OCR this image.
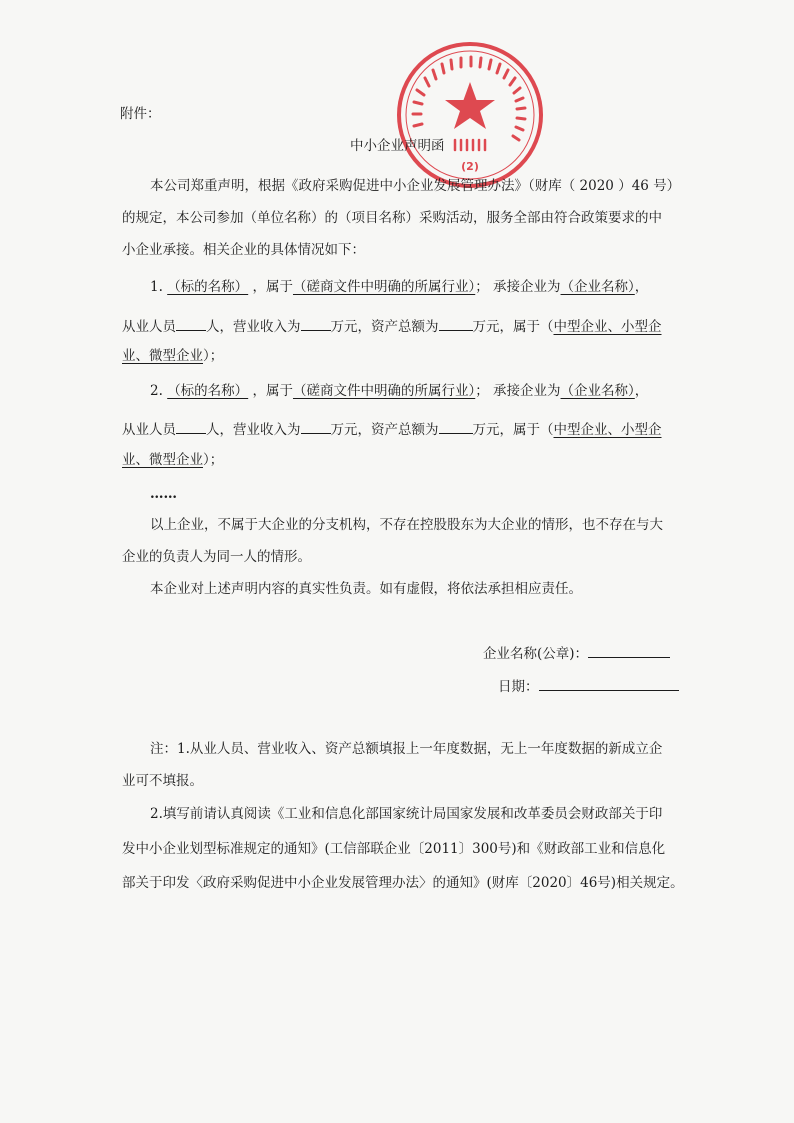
(2)
附件：
中小企业声明函
本公司郑重声明，根据《政府采购促进中小企业发展管理办法》（财库（ 2020 ）46 号）
的规定，本公司参加（单位名称）的（项目名称）采购活动，服务全部由符合政策要求的中
小企业承接。相关企业的具体情况如下：
1. （标的名称） ，属于（磋商文件中明确的所属行业）； 承接企业为（企业名称），
从业人员 人，营业收入为 万元，资产总额为	万元，属于（中型企业、小型企
业、微型企业）；
2. （标的名称） ，属于（磋商文件中明确的所属行业）； 承接企业为（企业名称），
从业人员 人，营业收入为 万元，资产总额为	万元，属于（中型企业、小型企
业、微型企业）；
……
以上企业，不属于大企业的分支机构，不存在控股股东为大企业的情形，也不存在与大
企业的负责人为同一人的情形。
本企业对上述声明内容的真实性负责。如有虚假，将依法承担相应责任。
企业名称(公章)：
日期：
注：1.从业人员、营业收入、资产总额填报上一年度数据，无上一年度数据的新成立企
业可不填报。
2.填写前请认真阅读《工业和信息化部国家统计局国家发展和改革委员会财政部关于印
发中小企业划型标准规定的通知》(工信部联企业〔2011〕300号)和《财政部工业和信息化
部关于印发〈政府采购促进中小企业发展管理办法〉的通知》(财库〔2020〕46号)相关规定。
